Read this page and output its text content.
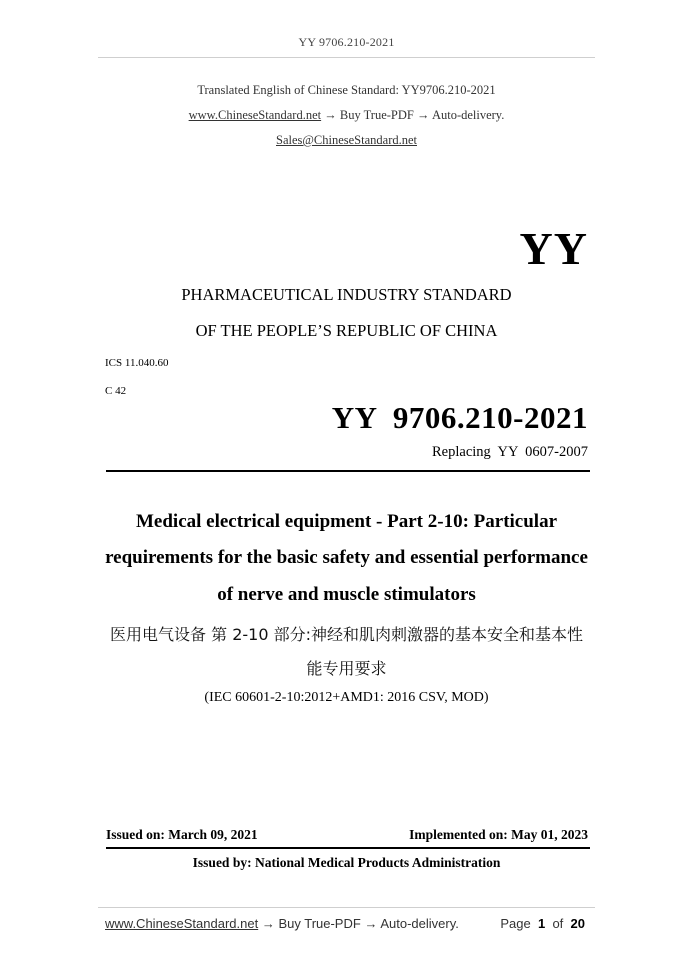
YY 9706.210-2021
Translated English of Chinese Standard: YY9706.210-2021
www.ChineseStandard.net → Buy True-PDF → Auto-delivery.
Sales@ChineseStandard.net
YY
PHARMACEUTICAL INDUSTRY STANDARD
OF THE PEOPLE’S REPUBLIC OF CHINA
ICS 11.040.60
C 42
YY  9706.210-2021
Replacing  YY  0607-2007
Medical electrical equipment - Part 2-10: Particular
requirements for the basic safety and essential performance
of nerve and muscle stimulators
医用电气设备 第 2-10 部分:神经和肌肉刺激器的基本安全和基本性
能专用要求
(IEC 60601-2-10:2012+AMD1: 2016 CSV, MOD)
Issued on: March 09, 2021	Implemented on: May 01, 2023
Issued by: National Medical Products Administration
www.ChineseStandard.net → Buy True-PDF → Auto-delivery.	Page 1 of 20
